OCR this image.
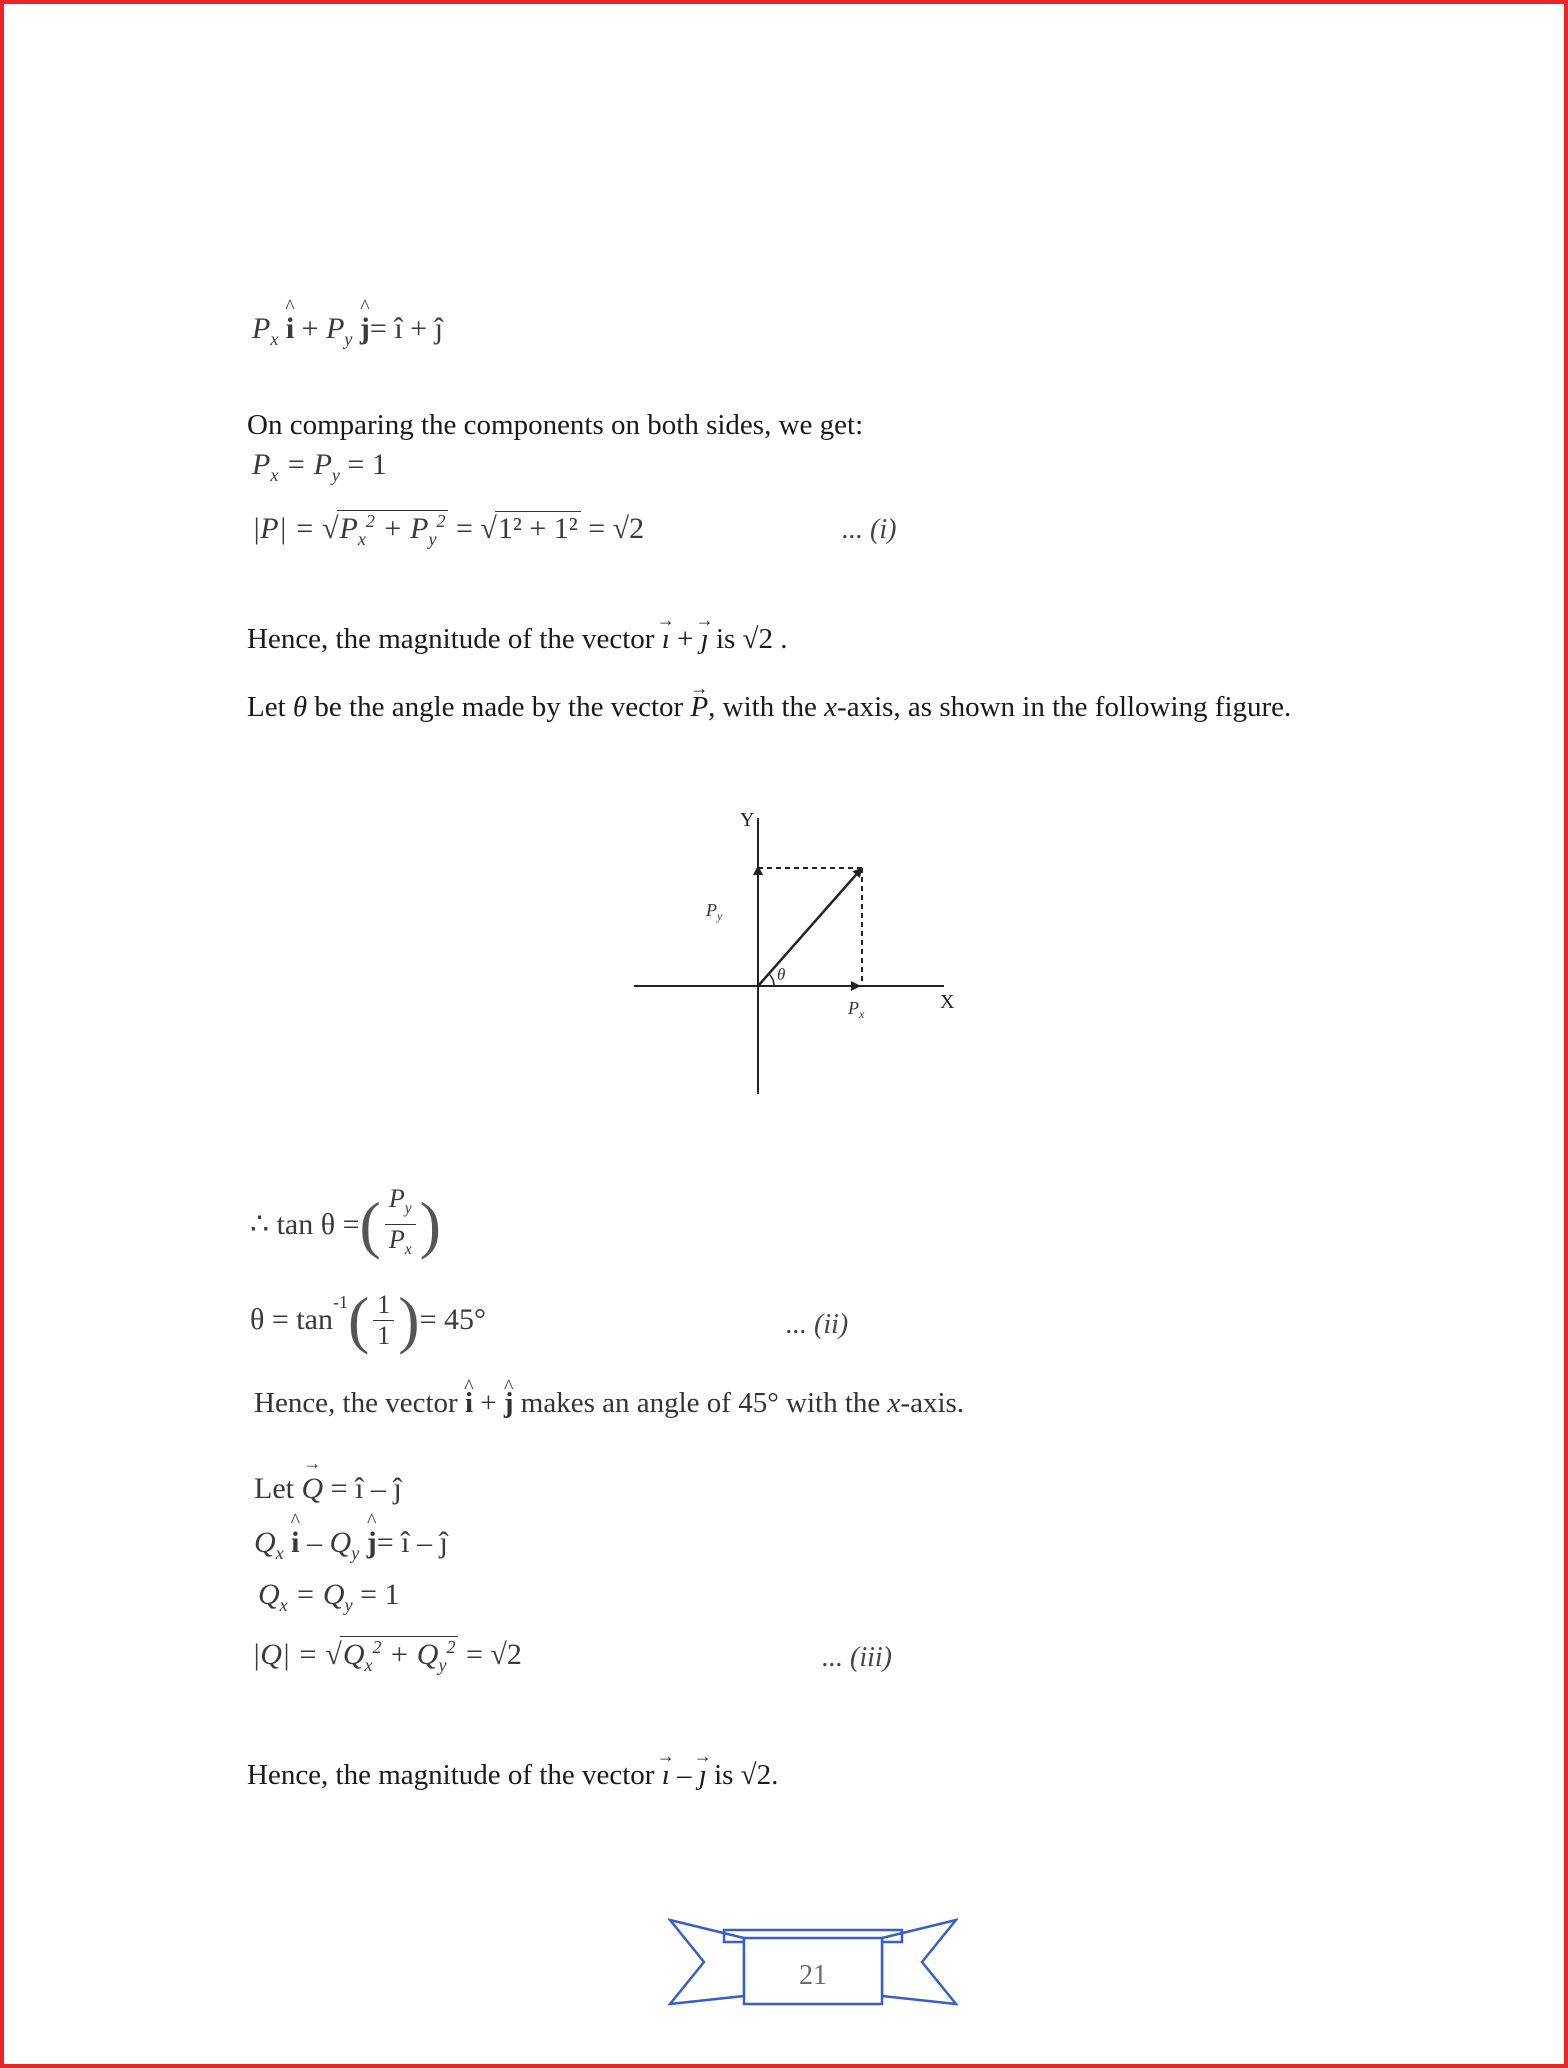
$P_x$ ^ $i + P_y$ ^ j= î + ĵ
On comparing the components on both sides, we get:
$P_x = P_y = 1$
$|P| = √P_x^2 + P_y^2 = √1^2 + 1^2 = √2$	... (i)
Hence, the magnitude of the vector → ı + → ȷ is √2 .
Let θ be the angle made by the vector → P, with the x-axis, as shown in the following figure.
Y
X
$P_y$
$P_x$
θ
∴ tan θ = ( $\frac{P_y}{P_x}$ )
θ = tan
$^{-1}$ ( $\frac{1}{1}$ ) = 45°	... (ii)
Hence, the vector ^ i + ^ j makes an angle of 45° with the x-axis.
Let → Q = î – ĵ
$Q_x$ ^ i – $Q_y$ ^ j= î – ĵ
$Q_x = Q_y = 1$
$|Q| = √Q_x^2 + Q_y^2 = √2$	... (iii)
Hence, the magnitude of the vector → ı – → ȷ is √2.
21
